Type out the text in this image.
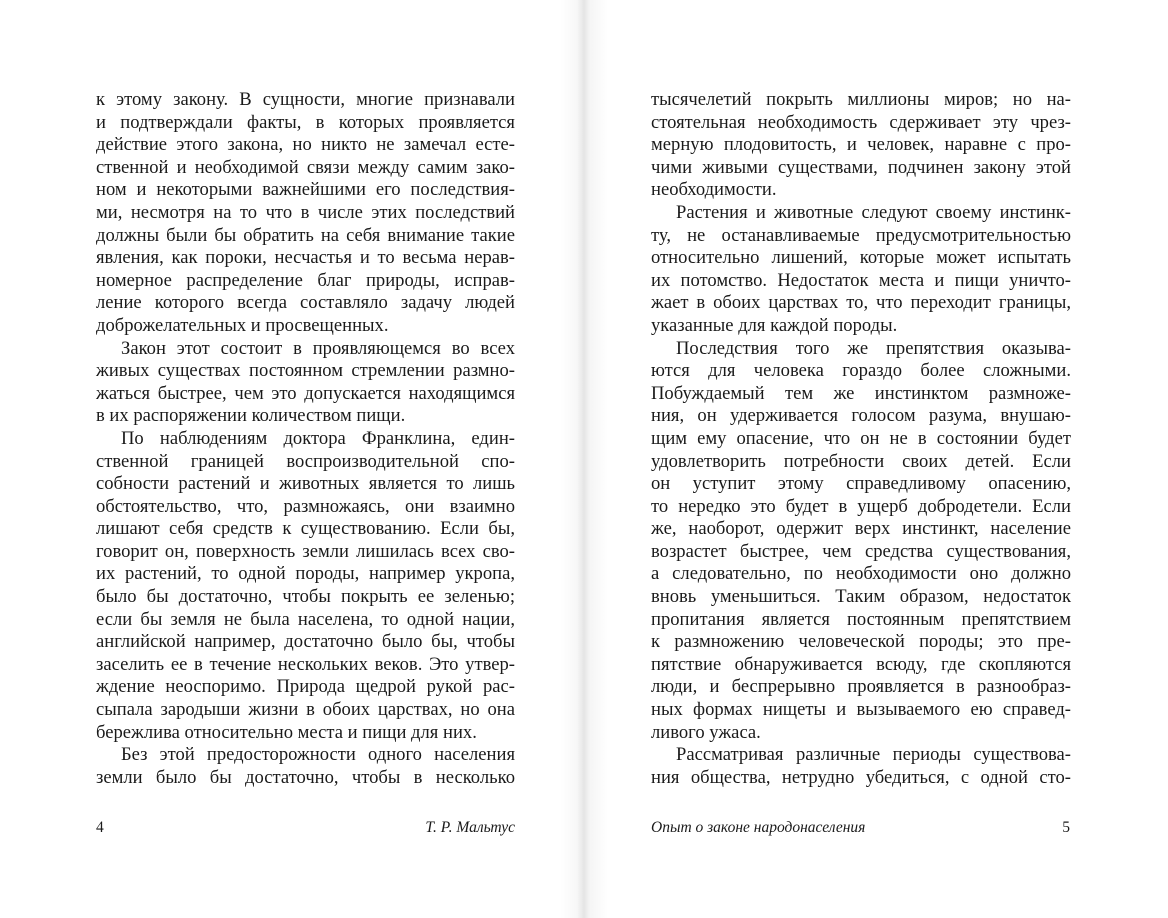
к этому закону. В сущности, многие признавали
и подтверждали факты, в которых проявляется
действие этого закона, но никто не замечал есте-
ственной и необходимой связи между самим зако-
ном и некоторыми важнейшими его последствия-
ми, несмотря на то что в числе этих последствий
должны были бы обратить на себя внимание такие
явления, как пороки, несчастья и то весьма нерав-
номерное распределение благ природы, исправ-
ление которого всегда составляло задачу людей
доброжелательных и просвещенных.

Закон этот состоит в проявляющемся во всех
живых существах постоянном стремлении размно-
жаться быстрее, чем это допускается находящимся
в их распоряжении количеством пищи.

По наблюдениям доктора Франклина, един-
ственной границей воспроизводительной спо-
собности растений и животных является то лишь
обстоятельство, что, размножаясь, они взаимно
лишают себя средств к существованию. Если бы,
говорит он, поверхность земли лишилась всех сво-
их растений, то одной породы, например укропа,
было бы достаточно, чтобы покрыть ее зеленью;
если бы земля не была населена, то одной нации,
английской например, достаточно было бы, чтобы
заселить ее в течение нескольких веков. Это утвер-
ждение неоспоримо. Природа щедрой рукой рас-
сыпала зародыши жизни в обоих царствах, но она
бережлива относительно места и пищи для них.

Без этой предосторожности одного населения
земли было бы достаточно, чтобы в несколько

4	Т. Р. Мальтус	Опыт о законе народонаселения	5

тысячелетий покрыть миллионы миров; но на-
стоятельная необходимость сдерживает эту чрез-
мерную плодовитость, и человек, наравне с про-
чими живыми существами, подчинен закону этой
необходимости.

Растения и животные следуют своему инстинк-
ту, не останавливаемые предусмотрительностью
относительно лишений, которые может испытать
их потомство. Недостаток места и пищи уничто-
жает в обоих царствах то, что переходит границы,
указанные для каждой породы.

Последствия того же препятствия оказыва-
ются для человека гораздо более сложными.
Побуждаемый тем же инстинктом размноже-
ния, он удерживается голосом разума, внушаю-
щим ему опасение, что он не в состоянии будет
удовлетворить потребности своих детей. Если
он уступит этому справедливому опасению,
то нередко это будет в ущерб добродетели. Если
же, наоборот, одержит верх инстинкт, население
возрастет быстрее, чем средства существования,
а следовательно, по необходимости оно должно
вновь уменьшиться. Таким образом, недостаток
пропитания является постоянным препятствием
к размножению человеческой породы; это пре-
пятствие обнаруживается всюду, где скопляются
люди, и беспрерывно проявляется в разнообраз-
ных формах нищеты и вызываемого ею справед-
ливого ужаса.

Рассматривая различные периоды существова-
ния общества, нетрудно убедиться, с одной сто-
